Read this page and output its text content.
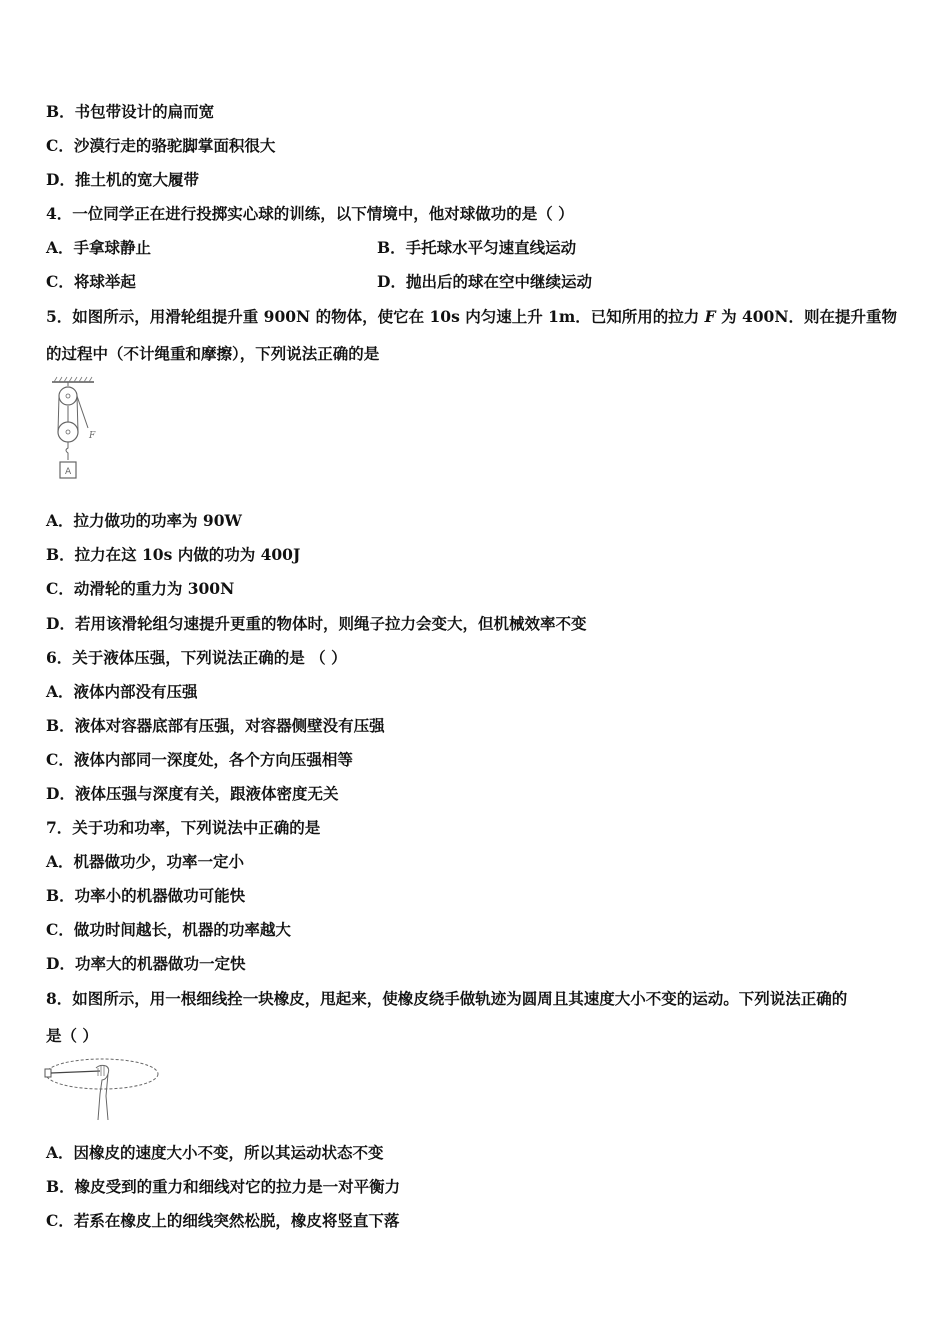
B．书包带设计的扁而宽
C．沙漠行走的骆驼脚掌面积很大
D．推土机的宽大履带
4．一位同学正在进行投掷实心球的训练，以下情境中，他对球做功的是（ ）
A．手拿球静止	B．手托球水平匀速直线运动
C．将球举起	D．抛出后的球在空中继续运动
5．如图所示，用滑轮组提升重 900N 的物体，使它在 10s 内匀速上升 1m．已知所用的拉力 F 为 400N．则在提升重物
的过程中（不计绳重和摩擦），下列说法正确的是
F
A
A．拉力做功的功率为 90W
B．拉力在这 10s 内做的功为 400J
C．动滑轮的重力为 300N
D．若用该滑轮组匀速提升更重的物体时，则绳子拉力会变大，但机械效率不变
6．关于液体压强，下列说法正确的是 （ ）
A．液体内部没有压强
B．液体对容器底部有压强，对容器侧壁没有压强
C．液体内部同一深度处，各个方向压强相等
D．液体压强与深度有关，跟液体密度无关
7．关于功和功率，下列说法中正确的是
A．机器做功少，功率一定小
B．功率小的机器做功可能快
C．做功时间越长，机器的功率越大
D．功率大的机器做功一定快
8．如图所示，用一根细线拴一块橡皮，甩起来，使橡皮绕手做轨迹为圆周且其速度大小不变的运动。下列说法正确的
是（ ）
A．因橡皮的速度大小不变，所以其运动状态不变
B．橡皮受到的重力和细线对它的拉力是一对平衡力
C．若系在橡皮上的细线突然松脱，橡皮将竖直下落
